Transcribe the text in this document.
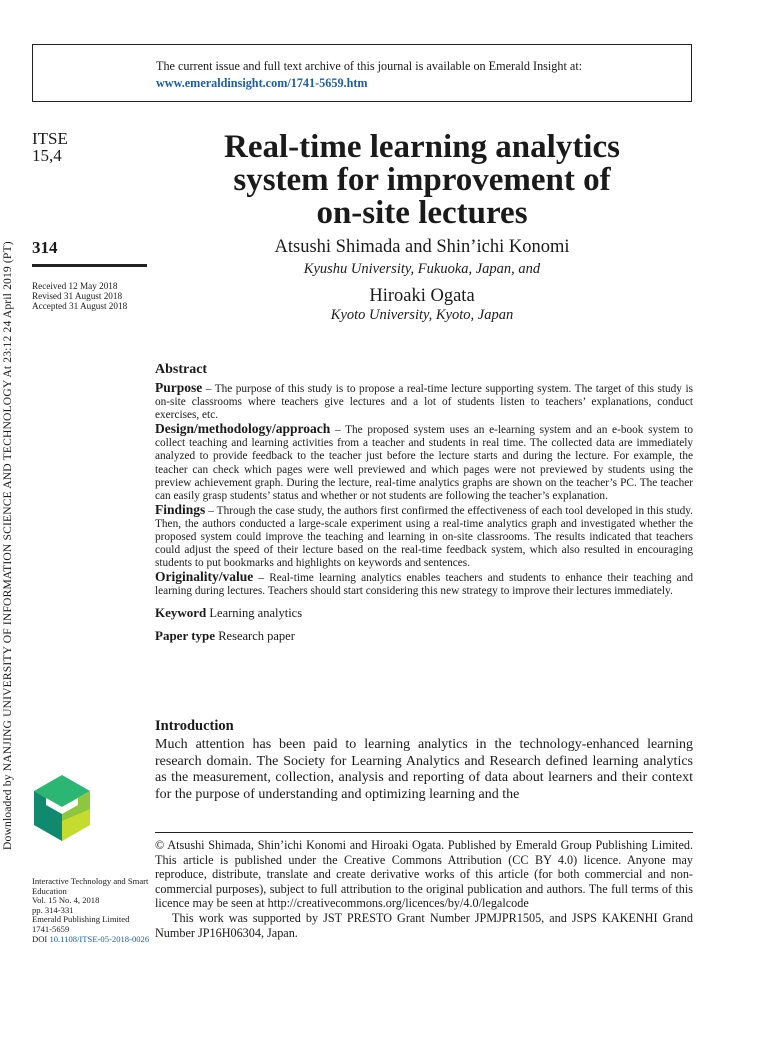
The current issue and full text archive of this journal is available on Emerald Insight at:
www.emeraldinsight.com/1741-5659.htm
Downloaded by NANJING UNIVERSITY OF INFORMATION SCIENCE AND TECHNOLOGY At 23:12 24 April 2019 (PT)
ITSE
15,4
314
Received 12 May 2018
Revised 31 August 2018
Accepted 31 August 2018
Real-time learning analytics
system for improvement of
on-site lectures
Atsushi Shimada and Shin’ichi Konomi
Kyushu University, Fukuoka, Japan, and
Hiroaki Ogata
Kyoto University, Kyoto, Japan
Abstract

Purpose – The purpose of this study is to propose a real-time lecture supporting system. The target of this study is on-site classrooms where teachers give lectures and a lot of students listen to teachers’ explanations, conduct exercises, etc.

Design/methodology/approach – The proposed system uses an e-learning system and an e-book system to collect teaching and learning activities from a teacher and students in real time. The collected data are immediately analyzed to provide feedback to the teacher just before the lecture starts and during the lecture. For example, the teacher can check which pages were well previewed and which pages were not previewed by students using the preview achievement graph. During the lecture, real-time analytics graphs are shown on the teacher’s PC. The teacher can easily grasp students’ status and whether or not students are following the teacher’s explanation.

Findings – Through the case study, the authors first confirmed the effectiveness of each tool developed in this study. Then, the authors conducted a large-scale experiment using a real-time analytics graph and investigated whether the proposed system could improve the teaching and learning in on-site classrooms. The results indicated that teachers could adjust the speed of their lecture based on the real-time feedback system, which also resulted in encouraging students to put bookmarks and highlights on keywords and sentences.

Originality/value – Real-time learning analytics enables teachers and students to enhance their teaching and learning during lectures. Teachers should start considering this new strategy to improve their lectures immediately.

Keyword Learning analytics

Paper type Research paper

Introduction
Much attention has been paid to learning analytics in the technology-enhanced learning research domain. The Society for Learning Analytics and Research defined learning analytics as the measurement, collection, analysis and reporting of data about learners and their context for the purpose of understanding and optimizing learning and the

© Atsushi Shimada, Shin’ichi Konomi and Hiroaki Ogata. Published by Emerald Group Publishing Limited. This article is published under the Creative Commons Attribution (CC BY 4.0) licence. Anyone may reproduce, distribute, translate and create derivative works of this article (for both commercial and non-commercial purposes), subject to full attribution to the original publication and authors. The full terms of this licence may be seen at http://creativecommons.org/licences/by/4.0/legalcode

This work was supported by JST PRESTO Grant Number JPMJPR1505, and JSPS KAKENHI Grand Number JP16H06304, Japan.

Interactive Technology and Smart Education
Vol. 15 No. 4, 2018
pp. 314-331
Emerald Publishing Limited
1741-5659
DOI 10.1108/ITSE-05-2018-0026
